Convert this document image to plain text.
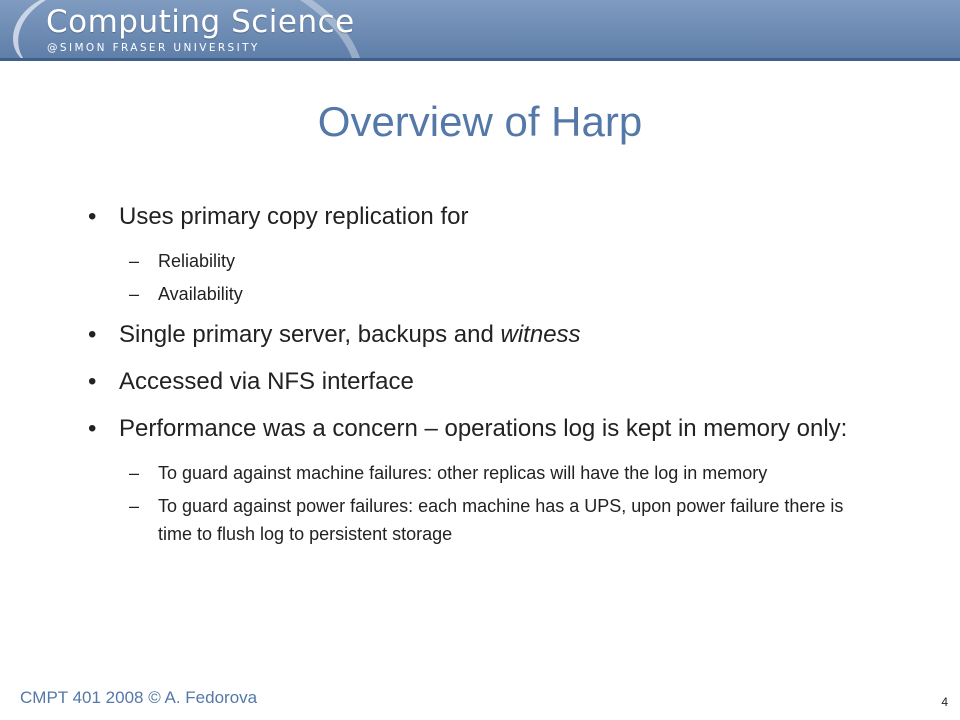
Computing Science
@SIMON FRASER UNIVERSITY
Overview of Harp
• Uses primary copy replication for
– Reliability
– Availability
• Single primary server, backups and witness
• Accessed via NFS interface
• Performance was a concern – operations log is kept in memory only:
– To guard against machine failures: other replicas will have the log in memory
– To guard against power failures: each machine has a UPS, upon power failure there is time to flush log to persistent storage
CMPT 401 2008 © A. Fedorova	4
